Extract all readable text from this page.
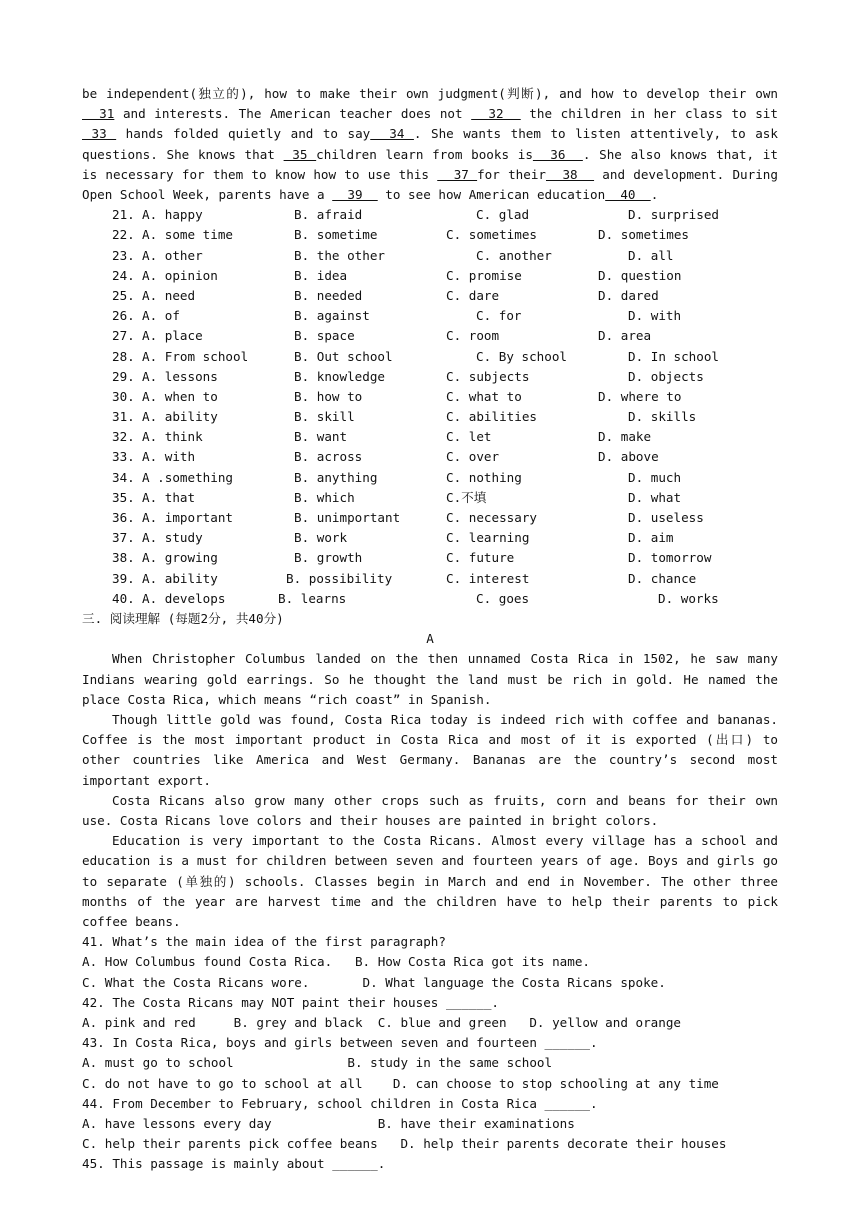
be independent(独立的), how to make their own judgment(判断), and how to develop their own  31 and interests. The American teacher does not   32   the children in her class to sit  33  hands folded quietly and to say  34 . She wants them to listen attentively, to ask questions. She knows that  35 children learn from books is  36  . She also knows that, it is necessary for them to know how to use this   37 for their  38   and development. During Open School Week, parents have a   39   to see how American education  40  .

21. A. happy	B. afraid	C. glad	D. surprised
22. A. some time	B. sometime	C. sometimes	D. sometimes
23. A. other	B. the other	C. another	D. all
24. A. opinion	B. idea	C. promise	D. question
25. A. need	B. needed	C. dare	D. dared
26. A. of	B. against	C. for	D. with
27. A. place	B. space	C. room	D. area
28. A. From school	B. Out school	C. By school	D. In school
29. A. lessons	B. knowledge	C. subjects	D. objects
30. A. when to	B. how to	C. what to	D. where to
31. A. ability	B. skill	C. abilities	D. skills
32. A. think	B. want	C. let	D. make
33. A. with	B. across	C. over	D. above
34. A .something	B. anything	C. nothing	D. much
35. A. that	B. which	C.不填	D. what
36. A. important	B. unimportant	C. necessary	D. useless
37. A. study	B. work	C. learning	D. aim
38. A. growing	B. growth	C. future	D. tomorrow
39. A. ability	B. possibility	C. interest	D. chance
40. A. develops	B. learns	C. goes	D. works

三. 阅读理解 (每题2分, 共40分)

A

When Christopher Columbus landed on the then unnamed Costa Rica in 1502, he saw many Indians wearing gold earrings. So he thought the land must be rich in gold. He named the place Costa Rica, which means “rich coast” in Spanish.

Though little gold was found, Costa Rica today is indeed rich with coffee and bananas. Coffee is the most important product in Costa Rica and most of it is exported (出口) to other countries like America and West Germany. Bananas are the country’s second most important export.

Costa Ricans also grow many other crops such as fruits, corn and beans for their own use. Costa Ricans love colors and their houses are painted in bright colors.

Education is very important to the Costa Ricans. Almost every village has a school and education is a must for children between seven and fourteen years of age. Boys and girls go to separate (单独的) schools. Classes begin in March and end in November. The other three months of the year are harvest time and the children have to help their parents to pick coffee beans.

41. What’s the main idea of the first paragraph?

A. How Columbus found Costa Rica.   B. How Costa Rica got its name.

C. What the Costa Ricans wore.       D. What language the Costa Ricans spoke.

42. The Costa Ricans may NOT paint their houses ______.

A. pink and red     B. grey and black  C. blue and green   D. yellow and orange

43. In Costa Rica, boys and girls between seven and fourteen ______.

A. must go to school               B. study in the same school

C. do not have to go to school at all    D. can choose to stop schooling at any time

44. From December to February, school children in Costa Rica ______.

A. have lessons every day              B. have their examinations

C. help their parents pick coffee beans   D. help their parents decorate their houses

45. This passage is mainly about ______.
